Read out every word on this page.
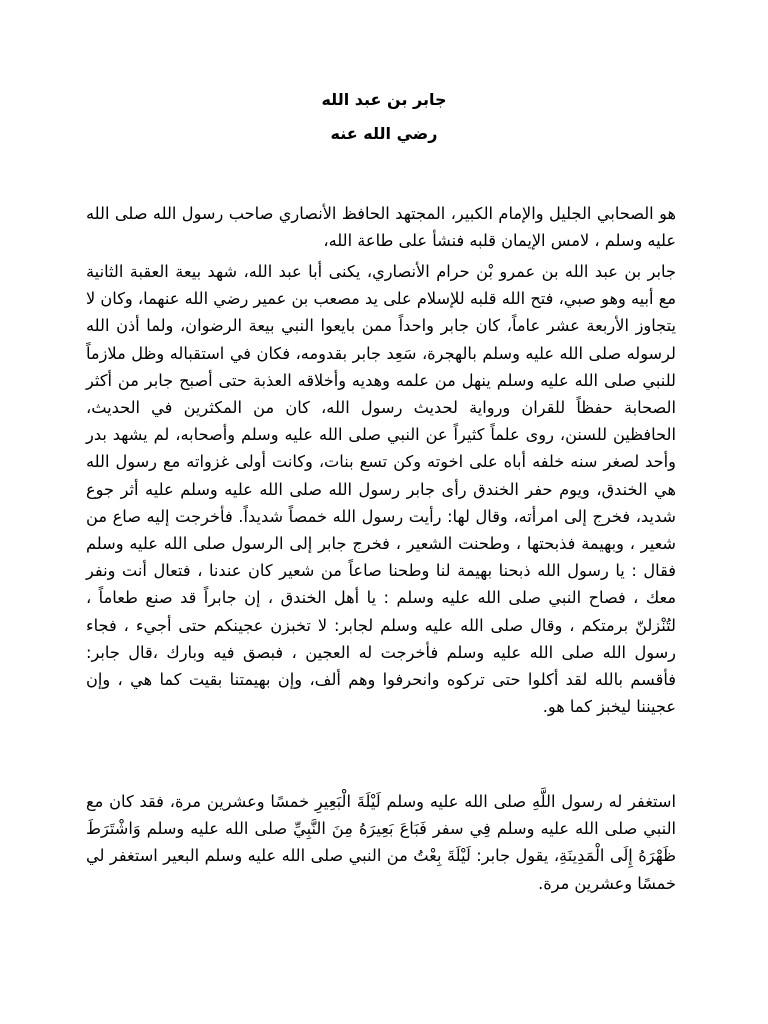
جابر بن عبد الله
رضي الله عنه

هو الصحابي الجليل والإمام الكبير، المجتهد الحافظ الأنصاري صاحب رسول الله صلى الله عليه وسلم ، لامس الإيمان قلبه فنشأ على طاعة الله،

جابر بن عبد الله بن عمرو بْن حرام الأنصاري، يكنى أبا عبد الله، شهد بيعة العقبة الثانية مع أبيه وهو صبي، فتح الله قلبه للإسلام على يد مصعب بن عمير رضي الله عنهما، وكان لا يتجاوز الأربعة عشر عاماً، كان جابر واحداً ممن بايعوا النبي بيعة الرضوان، ولما أذن الله لرسوله صلى الله عليه وسلم بالهجرة، سَعِد جابر بقدومه، فكان في استقباله وظل ملازماً للنبي صلى الله عليه وسلم ينهل من علمه وهديه وأخلاقه العذبة حتى أصبح جابر من أكثر الصحابة حفظاً للقران ورواية لحديث رسول الله، كان من المكثرين في الحديث، الحافظين للسنن، روى علماً كثيراً عن النبي صلى الله عليه وسلم وأصحابه، لم يشهد بدر وأحد لصغر سنه خلفه أباه على اخوته وكن تسع بنات، وكانت أولى غزواته مع رسول الله هي الخندق، ويوم حفر الخندق رأى جابر رسول الله صلى الله عليه وسلم عليه أثر جوع شديد، فخرج إلى امرأته، وقال لها: رأيت رسول الله خمصاً شديداً. فأخرجت إليه صاع من شعير ، وبهيمة فذبحتها ، وطحنت الشعير ، فخرج جابر إلى الرسول صلى الله عليه وسلم فقال : يا رسول الله ذبحنا بهيمة لنا وطحنا صاعاً من شعير كان عندنا ، فتعال أنت ونفر معك ، فصاح النبي صلى الله عليه وسلم : يا أهل الخندق ، إن جابراً قد صنع طعاماً ، لتُنْزلنّ برمتكم ، وقال صلى الله عليه وسلم لجابر: لا تخبزن عجينكم حتى أجيء ، فجاء رسول الله صلى الله عليه وسلم فأخرجت له العجين ، فبصق فيه وبارك ،قال جابر: فأقسم بالله لقد أكلوا حتى تركوه وانحرفوا وهم ألف، وإن بهيمتنا بقيت كما هي ، وإن عجيننا ليخبز كما هو.

استغفر له رسول اللَّهِ صلى الله عليه وسلم لَيْلَةَ الْبَعِيرِ خمسًا وعشرين مرة، فقد كان مع النبي صلى الله عليه وسلم فِي سفر فَبَاعَ بَعِيرَهُ مِنَ النَّبِيِّ صلى الله عليه وسلم وَاشْتَرَطَ ظَهْرَهُ إِلَى الْمَدِينَةِ، يقول جابر: لَيْلَةَ بِعْتُ من النبي صلى الله عليه وسلم البعير استغفر لي خمسًا وعشرين مرة.
